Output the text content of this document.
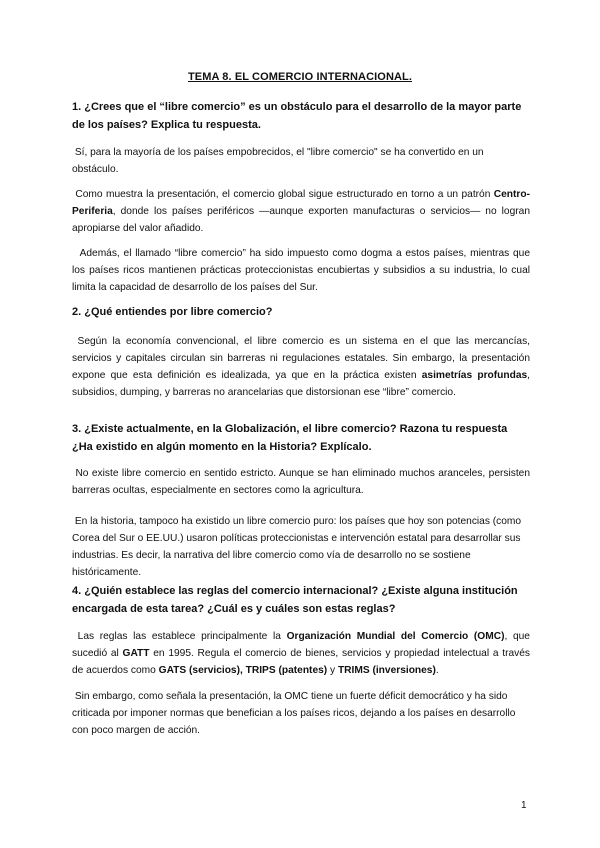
TEMA 8. EL COMERCIO INTERNACIONAL.
1. ¿Crees que el “libre comercio” es un obstáculo para el desarrollo de la mayor parte de los países? Explica tu respuesta.

Sí, para la mayoría de los países empobrecidos, el "libre comercio" se ha convertido en un obstáculo.

Como muestra la presentación, el comercio global sigue estructurado en torno a un patrón Centro-Periferia, donde los países periféricos —aunque exporten manufacturas o servicios— no logran apropiarse del valor añadido.

Además, el llamado “libre comercio” ha sido impuesto como dogma a estos países, mientras que los países ricos mantienen prácticas proteccionistas encubiertas y subsidios a su industria, lo cual limita la capacidad de desarrollo de los países del Sur.

2. ¿Qué entiendes por libre comercio?

Según la economía convencional, el libre comercio es un sistema en el que las mercancías, servicios y capitales circulan sin barreras ni regulaciones estatales. Sin embargo, la presentación expone que esta definición es idealizada, ya que en la práctica existen asimetrías profundas, subsidios, dumping, y barreras no arancelarias que distorsionan ese “libre” comercio.

3. ¿Existe actualmente, en la Globalización, el libre comercio? Razona tu respuesta ¿Ha existido en algún momento en la Historia? Explícalo.

No existe libre comercio en sentido estricto. Aunque se han eliminado muchos aranceles, persisten barreras ocultas, especialmente en sectores como la agricultura.

En la historia, tampoco ha existido un libre comercio puro: los países que hoy son potencias (como Corea del Sur o EE.UU.) usaron políticas proteccionistas e intervención estatal para desarrollar sus industrias. Es decir, la narrativa del libre comercio como vía de desarrollo no se sostiene históricamente.

4. ¿Quién establece las reglas del comercio internacional? ¿Existe alguna institución encargada de esta tarea? ¿Cuál es y cuáles son estas reglas?

Las reglas las establece principalmente la Organización Mundial del Comercio (OMC), que sucedió al GATT en 1995. Regula el comercio de bienes, servicios y propiedad intelectual a través de acuerdos como GATS (servicios), TRIPS (patentes) y TRIMS (inversiones).

Sin embargo, como señala la presentación, la OMC tiene un fuerte déficit democrático y ha sido criticada por imponer normas que benefician a los países ricos, dejando a los países en desarrollo con poco margen de acción.

1
